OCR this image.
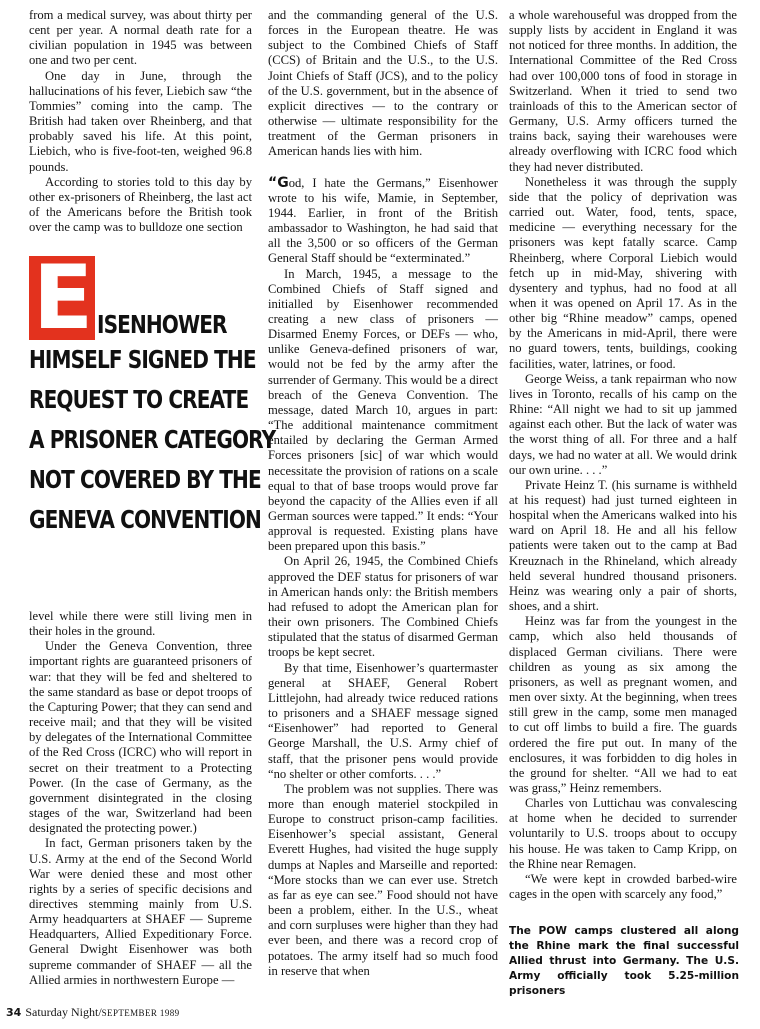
from a medical survey, was about thirty per cent per year. A normal death rate for a civilian population in 1945 was between one and two per cent.

One day in June, through the hallucinations of his fever, Liebich saw “the Tommies” coming into the camp. The British had taken over Rheinberg, and that probably saved his life. At this point, Liebich, who is five-foot-ten, weighed 96.8 pounds.

According to stories told to this day by other ex-prisoners of Rheinberg, the last act of the Americans before the British took over the camp was to bulldoze one section

E ISENHOWER
HIMSELF SIGNED THE
REQUEST TO CREATE
A PRISONER CATEGORY
NOT COVERED BY THE
GENEVA CONVENTION

level while there were still living men in their holes in the ground.

Under the Geneva Convention, three important rights are guaranteed prisoners of war: that they will be fed and sheltered to the same standard as base or depot troops of the Capturing Power; that they can send and receive mail; and that they will be visited by delegates of the International Committee of the Red Cross (ICRC) who will report in secret on their treatment to a Protecting Power. (In the case of Germany, as the government disintegrated in the closing stages of the war, Switzerland had been designated the protecting power.)

In fact, German prisoners taken by the U.S. Army at the end of the Second World War were denied these and most other rights by a series of specific decisions and directives stemming mainly from U.S. Army headquarters at SHAEF — Supreme Headquarters, Allied Expeditionary Force. General Dwight Eisenhower was both supreme commander of SHAEF — all the Allied armies in northwestern Europe —

and the commanding general of the U.S. forces in the European theatre. He was subject to the Combined Chiefs of Staff (CCS) of Britain and the U.S., to the U.S. Joint Chiefs of Staff (JCS), and to the policy of the U.S. government, but in the absence of explicit directives — to the contrary or otherwise — ultimate responsibility for the treatment of the German prisoners in American hands lies with him.

“God, I hate the Germans,” Eisenhower wrote to his wife, Mamie, in September, 1944. Earlier, in front of the British ambassador to Washington, he had said that all the 3,500 or so officers of the German General Staff should be “exterminated.”

In March, 1945, a message to the Combined Chiefs of Staff signed and initialled by Eisenhower recommended creating a new class of prisoners — Disarmed Enemy Forces, or DEFs — who, unlike Geneva-defined prisoners of war, would not be fed by the army after the surrender of Germany. This would be a direct breach of the Geneva Convention. The message, dated March 10, argues in part: “The additional maintenance commitment entailed by declaring the German Armed Forces prisoners [sic] of war which would necessitate the provision of rations on a scale equal to that of base troops would prove far beyond the capacity of the Allies even if all German sources were tapped.” It ends: “Your approval is requested. Existing plans have been prepared upon this basis.”

On April 26, 1945, the Combined Chiefs approved the DEF status for prisoners of war in American hands only: the British members had refused to adopt the American plan for their own prisoners. The Combined Chiefs stipulated that the status of disarmed German troops be kept secret.

By that time, Eisenhower’s quartermaster general at SHAEF, General Robert Littlejohn, had already twice reduced rations to prisoners and a SHAEF message signed “Eisenhower” had reported to General George Marshall, the U.S. Army chief of staff, that the prisoner pens would provide “no shelter or other comforts. . . .”

The problem was not supplies. There was more than enough materiel stockpiled in Europe to construct prison-camp facilities. Eisenhower’s special assistant, General Everett Hughes, had visited the huge supply dumps at Naples and Marseille and reported: “More stocks than we can ever use. Stretch as far as eye can see.” Food should not have been a problem, either. In the U.S., wheat and corn surpluses were higher than they had ever been, and there was a record crop of potatoes. The army itself had so much food in reserve that when

a whole warehouseful was dropped from the supply lists by accident in England it was not noticed for three months. In addition, the International Committee of the Red Cross had over 100,000 tons of food in storage in Switzerland. When it tried to send two trainloads of this to the American sector of Germany, U.S. Army officers turned the trains back, saying their warehouses were already overflowing with ICRC food which they had never distributed.

Nonetheless it was through the supply side that the policy of deprivation was carried out. Water, food, tents, space, medicine — everything necessary for the prisoners was kept fatally scarce. Camp Rheinberg, where Corporal Liebich would fetch up in mid-May, shivering with dysentery and typhus, had no food at all when it was opened on April 17. As in the other big “Rhine meadow” camps, opened by the Americans in mid-April, there were no guard towers, tents, buildings, cooking facilities, water, latrines, or food.

George Weiss, a tank repairman who now lives in Toronto, recalls of his camp on the Rhine: “All night we had to sit up jammed against each other. But the lack of water was the worst thing of all. For three and a half days, we had no water at all. We would drink our own urine. . . .”

Private Heinz T. (his surname is withheld at his request) had just turned eighteen in hospital when the Americans walked into his ward on April 18. He and all his fellow patients were taken out to the camp at Bad Kreuznach in the Rhineland, which already held several hundred thousand prisoners. Heinz was wearing only a pair of shorts, shoes, and a shirt.

Heinz was far from the youngest in the camp, which also held thousands of displaced German civilians. There were children as young as six among the prisoners, as well as pregnant women, and men over sixty. At the beginning, when trees still grew in the camp, some men managed to cut off limbs to build a fire. The guards ordered the fire put out. In many of the enclosures, it was forbidden to dig holes in the ground for shelter. “All we had to eat was grass,” Heinz remembers.

Charles von Luttichau was convalescing at home when he decided to surrender voluntarily to U.S. troops about to occupy his house. He was taken to Camp Kripp, on the Rhine near Remagen.

“We were kept in crowded barbed-wire cages in the open with scarcely any food,”

The POW camps clustered all along the Rhine mark the final successful Allied thrust into Germany. The U.S. Army officially took 5.25-million prisoners
34 Saturday Night/SEPTEMBER 1989
